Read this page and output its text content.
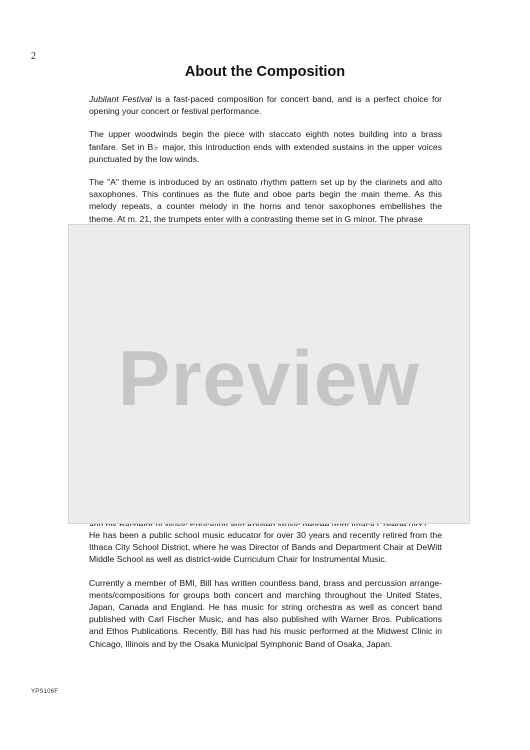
2
About the Composition

Jubilant Festival is a fast-paced composition for concert band, and is a perfect choice for opening your concert or festival performance.

The upper woodwinds begin the piece with staccato eighth notes building into a brass fanfare. Set in B♭ major, this introduction ends with extended sustains in the upper voices punctuated by the low winds.

The "A" theme is introduced by an ostinato rhythm pattern set up by the clarinets and alto saxophones. This continues as the flute and oboe parts begin the main theme. As this melody repeats, a counter melody in the horns and tenor saxophones embellishes the theme. At m. 21, the trumpets enter with a contrasting theme set in G minor. The phrase

He has been a public school music educator for over 30 years and recently retired from the Ithaca City School District, where he was Director of Bands and Department Chair at DeWitt Middle School as well as district-wide Curriculum Chair for Instrumental Music.

Currently a member of BMI, Bill has written countless band, brass and percussion arrange-ments/compositions for groups both concert and marching throughout the United States, Japan, Canada and England. He has music for string orchestra as well as concert band published with Carl Fischer Music, and has also published with Warner Bros. Publications and Ethos Publications. Recently, Bill has had his music performed at the Midwest Clinic in Chicago, Illinois and by the Osaka Municipal Symphonic Band of Osaka, Japan.

Preview
YPS106F
